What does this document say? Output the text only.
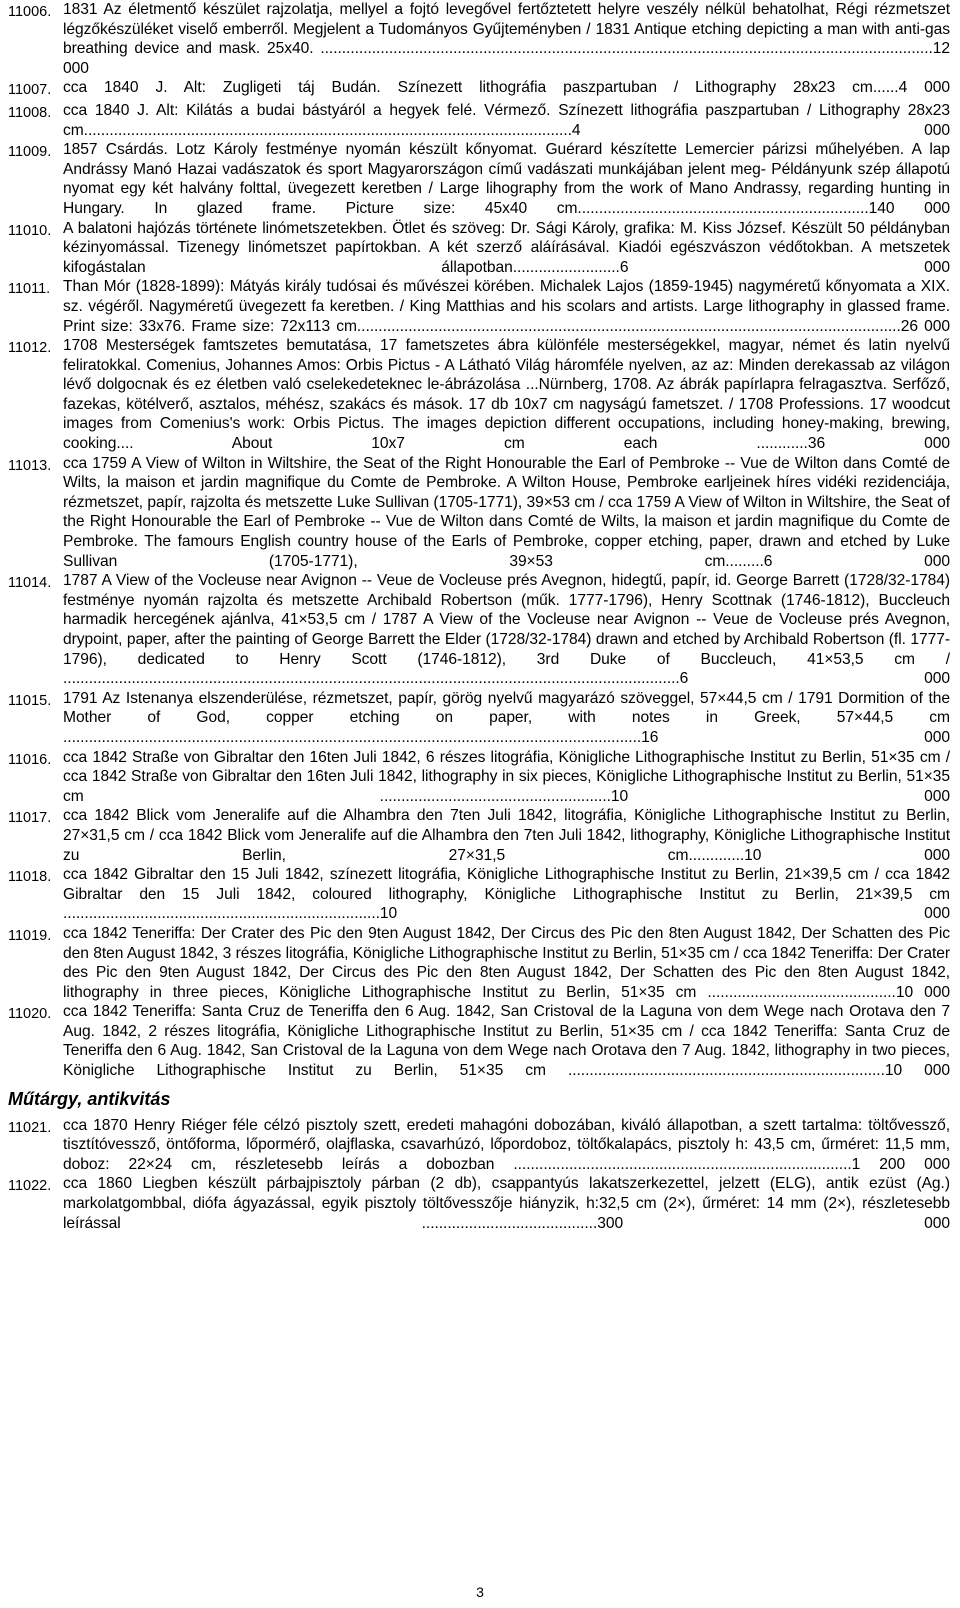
11006. 1831 Az életmentő készület rajzolatja, mellyel a fojtó levegővel fertőztetett helyre veszély nélkül behatolhat, Régi rézmetszet légzőkészüléket viselő emberről. Megjelent a Tudományos Gyűjteményben / 1831 Antique etching depicting a man with anti-gas breathing device and mask. 25x40. ...............................................................................................................................................12 000
11007. cca 1840 J. Alt: Zugligeti táj Budán. Színezett lithográfia paszpartuban / Lithography 28x23 cm......4 000
11008. cca 1840 J. Alt: Kilátás a budai bástyáról a hegyek felé. Vérmező. Színezett lithográfia paszpartuban / Lithography 28x23 cm..................................................................................................................4 000
11009. 1857 Csárdás. Lotz Károly festménye nyomán készült kőnyomat. Guérard készítette Lemercier párizsi műhelyében. A lap Andrássy Manó Hazai vadászatok és sport Magyarországon című vadászati munkájában jelent meg- Példányunk szép állapotú nyomat egy két halvány folttal, üvegezett keretben / Large lihography from the work of Mano Andrassy, regarding hunting in Hungary. In glazed frame. Picture size: 45x40 cm....................................................................140 000
11010. A balatoni hajózás története linómetszetekben. Ötlet és szöveg: Dr. Sági Károly, grafika: M. Kiss József. Készült 50 példányban kézinyomással. Tizenegy linómetszet papírtokban. A két szerző aláírásával. Kiadói egészvászon védőtokban. A metszetek kifogástalan állapotban.........................6 000
11011. Than Mór (1828-1899): Mátyás király tudósai és művészei körében. Michalek Lajos (1859-1945) nagyméretű kőnyomata a XIX. sz. végéről. Nagyméretű üvegezett fa keretben. / King Matthias and his scolars and artists. Large lithography in glassed frame. Print size: 33x76. Frame size: 72x113 cm...............................................................................................................................26 000
11012. 1708 Mesterségek famtszetes bemutatása, 17 fametszetes ábra különféle mesterségekkel, magyar, német és latin nyelvű feliratokkal. Comenius, Johannes Amos: Orbis Pictus - A Látható Világ háromféle nyelven, az az: Minden derekassab az világon lévő dolgocnak és ez életben való cselekedeteknec le-ábrázolása ...Nürnberg, 1708. Az ábrák papírlapra felragasztva. Serfőző, fazekas, kötélverő, asztalos, méhész, szakács és mások. 17 db 10x7 cm nagyságú fametszet. / 1708 Professions. 17 woodcut images from Comenius's work: Orbis Pictus. The images depiction different occupations, including honey-making, brewing, cooking.... About 10x7 cm each ............36 000
11013. cca 1759 A View of Wilton in Wiltshire, the Seat of the Right Honourable the Earl of Pembroke -- Vue de Wilton dans Comté de Wilts, la maison et jardin magnifique du Comte de Pembroke. A Wilton House, Pembroke earljeinek híres vidéki rezidenciája, rézmetszet, papír, rajzolta és metszette Luke Sullivan (1705-1771), 39×53 cm / cca 1759 A View of Wilton in Wiltshire, the Seat of the Right Honourable the Earl of Pembroke -- Vue de Wilton dans Comté de Wilts, la maison et jardin magnifique du Comte de Pembroke. The famours English country house of the Earls of Pembroke, copper etching, paper, drawn and etched by Luke Sullivan (1705-1771), 39×53 cm.........6 000
11014. 1787 A View of the Vocleuse near Avignon -- Veue de Vocleuse prés Avegnon, hidegtű, papír, id. George Barrett (1728/32-1784) festménye nyomán rajzolta és metszette Archibald Robertson (műk. 1777-1796), Henry Scottnak (1746-1812), Buccleuch harmadik hercegének ajánlva, 41×53,5 cm / 1787 A View of the Vocleuse near Avignon -- Veue de Vocleuse prés Avegnon, drypoint, paper, after the painting of George Barrett the Elder (1728/32-1784) drawn and etched by Archibald Robertson (fl. 1777-1796), dedicated to Henry Scott (1746-1812), 3rd Duke of Buccleuch, 41×53,5 cm / ................................................................................................................................................6 000
11015. 1791 Az Istenanya elszenderülése, rézmetszet, papír, görög nyelvű magyarázó szöveggel, 57×44,5 cm / 1791 Dormition of the Mother of God, copper etching on paper, with notes in Greek, 57×44,5 cm .......................................................................................................................................16 000
11016. cca 1842 Straße von Gibraltar den 16ten Juli 1842, 6 részes litográfia, Königliche Lithographische Institut zu Berlin, 51×35 cm / cca 1842 Straße von Gibraltar den 16ten Juli 1842, lithography in six pieces, Königliche Lithographische Institut zu Berlin, 51×35 cm ......................................................10 000
11017. cca 1842 Blick vom Jeneralife auf die Alhambra den 7ten Juli 1842, litográfia, Königliche Lithographische Institut zu Berlin, 27×31,5 cm / cca 1842 Blick vom Jeneralife auf die Alhambra den 7ten Juli 1842, lithography, Königliche Lithographische Institut zu Berlin, 27×31,5 cm.............10 000
11018. cca 1842 Gibraltar den 15 Juli 1842, színezett litográfia, Königliche Lithographische Institut zu Berlin, 21×39,5 cm / cca 1842 Gibraltar den 15 Juli 1842, coloured lithography, Königliche Lithographische Institut zu Berlin, 21×39,5 cm ..........................................................................10 000
11019. cca 1842 Teneriffa: Der Crater des Pic den 9ten August 1842, Der Circus des Pic den 8ten August 1842, Der Schatten des Pic den 8ten August 1842, 3 részes litográfia, Königliche Lithographische Institut zu Berlin, 51×35 cm / cca 1842 Teneriffa: Der Crater des Pic den 9ten August 1842, Der Circus des Pic den 8ten August 1842, Der Schatten des Pic den 8ten August 1842, lithography in three pieces, Königliche Lithographische Institut zu Berlin, 51×35 cm ............................................10 000
11020. cca 1842 Teneriffa: Santa Cruz de Teneriffa den 6 Aug. 1842, San Cristoval de la Laguna von dem Wege nach Orotava den 7 Aug. 1842, 2 részes litográfia, Königliche Lithographische Institut zu Berlin, 51×35 cm / cca 1842 Teneriffa: Santa Cruz de Teneriffa den 6 Aug. 1842, San Cristoval de la Laguna von dem Wege nach Orotava den 7 Aug. 1842, lithography in two pieces, Königliche Lithographische Institut zu Berlin, 51×35 cm ..........................................................................10 000
Műtárgy, antikvitás
11021. cca 1870 Henry Riéger féle célzó pisztoly szett, eredeti mahagóni dobozában, kiváló állapotban, a szett tartalma: töltővessző, tisztítóvessző, öntőforma, lőpormérő, olajflaska, csavarhúzó, lőpordoboz, töltőkalapács, pisztoly h: 43,5 cm, űrméret: 11,5 mm, doboz: 22×24 cm, részletesebb leírás a dobozban ...............................................................................1 200 000
11022. cca 1860 Liegben készült párbajpisztoly párban (2 db), csappantyús lakatszerkezettel, jelzett (ELG), antik ezüst (Ag.) markolatgombbal, diófa ágyazással, egyik pisztoly töltővesszője hiányzik, h:32,5 cm (2×), űrméret: 14 mm (2×), részletesebb leírással .........................................300 000
3
